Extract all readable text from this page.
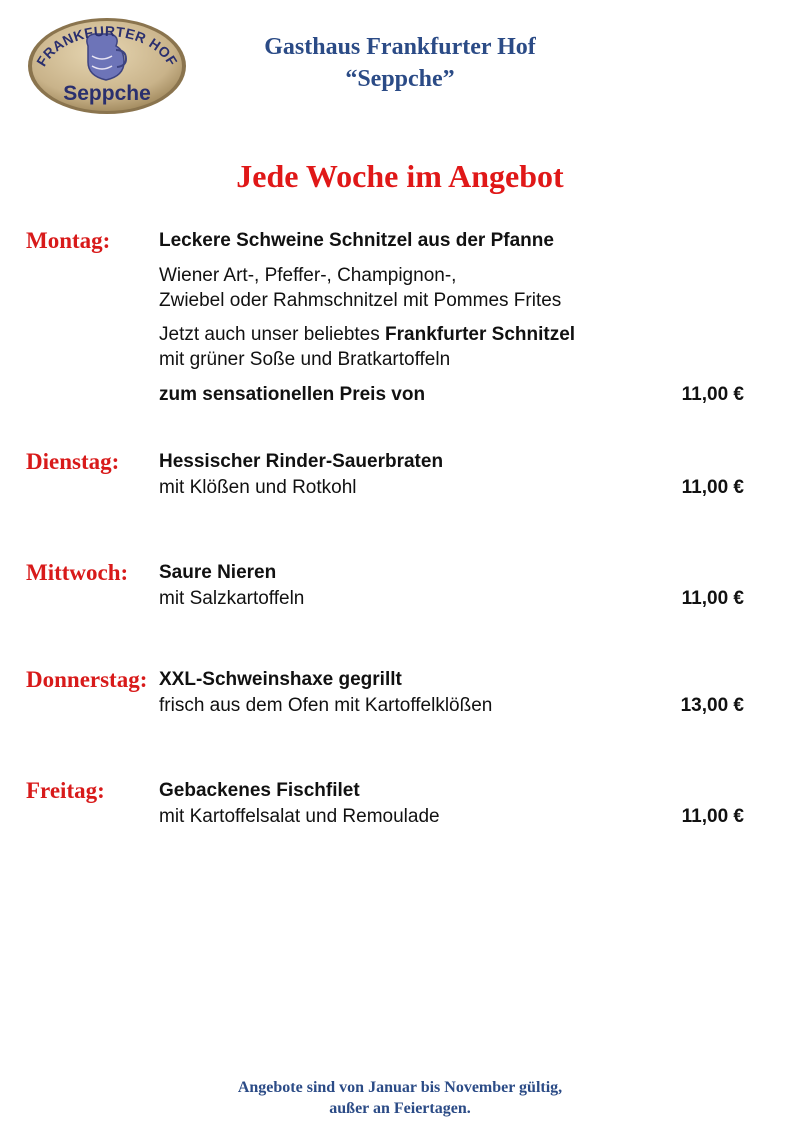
FRANKFURTER HOF
Seppche
Gasthaus Frankfurter Hof
“Seppche”
Jede Woche im Angebot
Montag:	Leckere Schweine Schnitzel aus der Pfanne
Wiener Art-, Pfeffer-, Champignon-,
Zwiebel oder Rahmschnitzel mit Pommes Frites
Jetzt auch unser beliebtes Frankfurter Schnitzel
mit grüner Soße und Bratkartoffeln
zum sensationellen Preis von	11,00 €
Dienstag: Hessischer Rinder-Sauerbraten
mit Klößen und Rotkohl	11,00 €
Mittwoch: Saure Nieren
mit Salzkartoffeln	11,00 €
Donnerstag: XXL-Schweinshaxe gegrillt
frisch aus dem Ofen mit Kartoffelklößen	13,00 €
Freitag:	Gebackenes Fischfilet
mit Kartoffelsalat und Remoulade	11,00 €
Angebote sind von Januar bis November gültig,
außer an Feiertagen.
